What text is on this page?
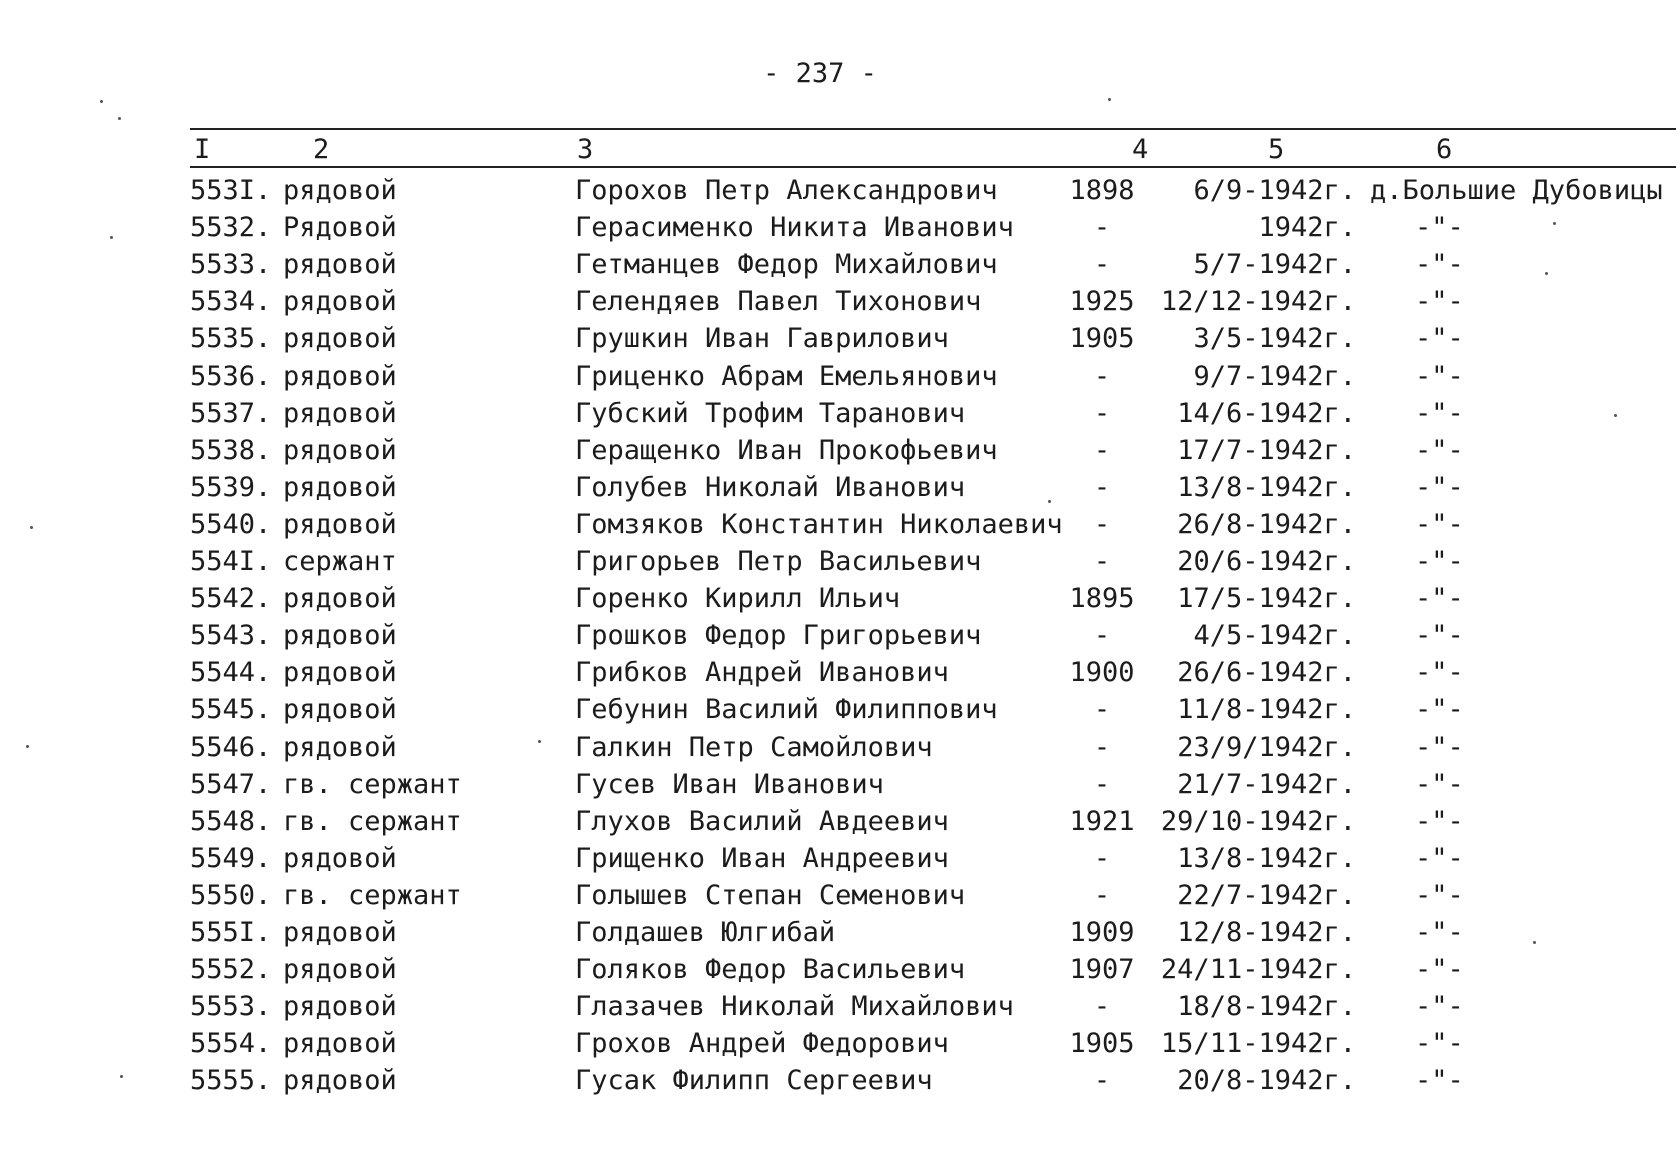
- 237 -
I	2	3	4	5	6
553I. рядовой	Горохов Петр Александрович	1898	6/9-1942г. д.Большие Дубовицы
5532. Рядовой	Герасименко Никита Иванович	-	1942г. -"-
5533. рядовой	Гетманцев Федор Михайлович	-	5/7-1942г. -"-
5534. рядовой	Гелендяев Павел Тихонович	1925 12/12-1942г. -"-
5535. рядовой	Грушкин Иван Гаврилович	1905	3/5-1942г. -"-
5536. рядовой	Гриценко Абрам Емельянович	-	9/7-1942г. -"-
5537. рядовой	Губский Трофим Таранович	-	14/6-1942г. -"-
5538. рядовой	Геращенко Иван Прокофьевич	-	17/7-1942г. -"-
5539. рядовой	Голубев Николай Иванович	-	13/8-1942г. -"-
5540. рядовой	Гомзяков Константин Николаевич	-	26/8-1942г. -"-
554I. сержант	Григорьев Петр Васильевич	-	20/6-1942г. -"-
5542. рядовой	Горенко Кирилл Ильич	1895	17/5-1942г. -"-
5543. рядовой	Грошков Федор Григорьевич	-	4/5-1942г. -"-
5544. рядовой	Грибков Андрей Иванович	1900	26/6-1942г. -"-
5545. рядовой	Гебунин Василий Филиппович	-	11/8-1942г. -"-
5546. рядовой	Галкин Петр Самойлович	-	23/9/1942г. -"-
5547. гв. сержант	Гусев Иван Иванович	-	21/7-1942г. -"-
5548. гв. сержант	Глухов Василий Авдеевич	1921 29/10-1942г. -"-
5549. рядовой	Грищенко Иван Андреевич	-	13/8-1942г. -"-
5550. гв. сержант	Голышев Степан Семенович	-	22/7-1942г. -"-
555I. рядовой	Голдашев Юлгибай	1909	12/8-1942г. -"-
5552. рядовой	Голяков Федор Васильевич	1907 24/11-1942г. -"-
5553. рядовой	Глазачев Николай Михайлович	-	18/8-1942г. -"-
5554. рядовой	Грохов Андрей Федорович	1905 15/11-1942г. -"-
5555. рядовой	Гусак Филипп Сергеевич	-	20/8-1942г. -"-
